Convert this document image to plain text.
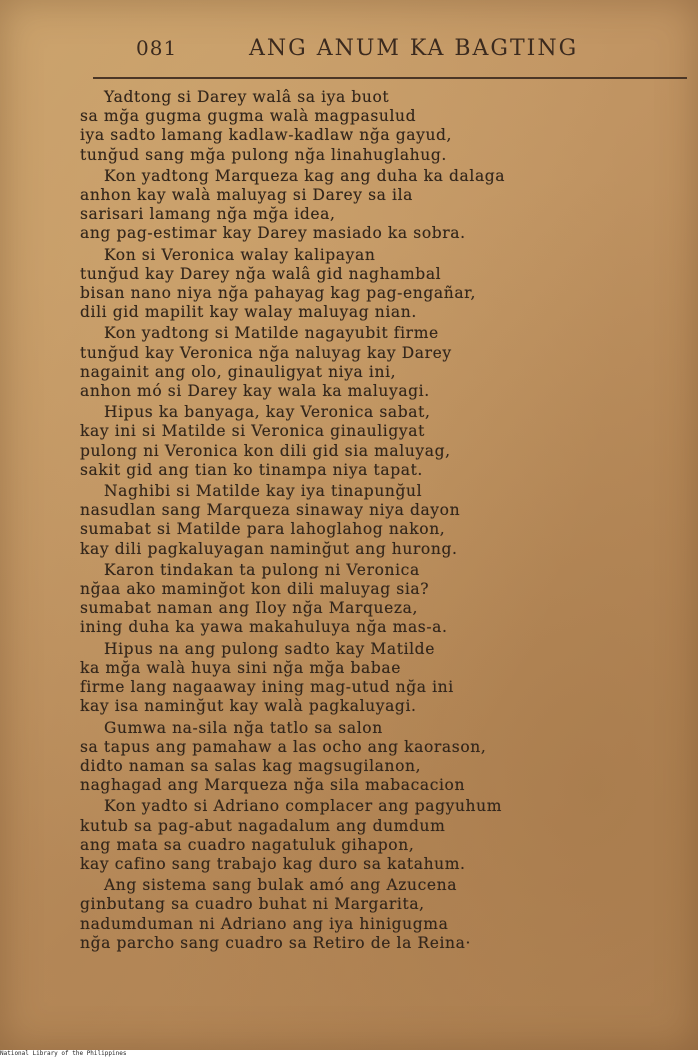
081	ANG ANUM KA BAGTING
Yadtong si Darey walâ sa iya buot
sa mğa gugma gugma walà magpasulud
iya sadto lamang kadlaw-kadlaw nğa gayud,
tunğud sang mğa pulong nğa linahuglahug.
Kon yadtong Marqueza kag ang duha ka dalaga
anhon kay walà maluyag si Darey sa ila
sarisari lamang nğa mğa idea,
ang pag-estimar kay Darey masiado ka sobra.
Kon si Veronica walay kalipayan
tunğud kay Darey nğa walâ gid naghambal
bisan nano niya nğa pahayag kag pag-engañar,
dili gid mapilit kay walay maluyag nian.
Kon yadtong si Matilde nagayubit firme
tunğud kay Veronica nğa naluyag kay Darey
nagainit ang olo, ginauligyat niya ini,
anhon mó si Darey kay wala ka maluyagi.
Hipus ka banyaga, kay Veronica sabat,
kay ini si Matilde si Veronica ginauligyat
pulong ni Veronica kon dili gid sia maluyag,
sakit gid ang tian ko tinampa niya tapat.
Naghibi si Matilde kay iya tinapunğul
nasudlan sang Marqueza sinaway niya dayon
sumabat si Matilde para lahoglahog nakon,
kay dili pagkaluyagan naminğut ang hurong.
Karon tindakan ta pulong ni Veronica
nğaa ako maminğot kon dili maluyag sia?
sumabat naman ang Iloy nğa Marqueza,
ining duha ka yawa makahuluya nğa mas-a.
Hipus na ang pulong sadto kay Matilde
ka mğa walà huya sini nğa mğa babae
firme lang nagaaway ining mag-utud nğa ini
kay isa naminğut kay walà pagkaluyagi.
Gumwa na-sila nğa tatlo sa salon
sa tapus ang pamahaw a las ocho ang kaorason,
didto naman sa salas kag magsugilanon,
naghagad ang Marqueza nğa sila mabacacion
Kon yadto si Adriano complacer ang pagyuhum
kutub sa pag-abut nagadalum ang dumdum
ang mata sa cuadro nagatuluk gihapon,
kay cafino sang trabajo kag duro sa katahum.
Ang sistema sang bulak amó ang Azucena
ginbutang sa cuadro buhat ni Margarita,
nadumduman ni Adriano ang iya hinigugma
nğa parcho sang cuadro sa Retiro de la Reina·
National Library of the Philippines
